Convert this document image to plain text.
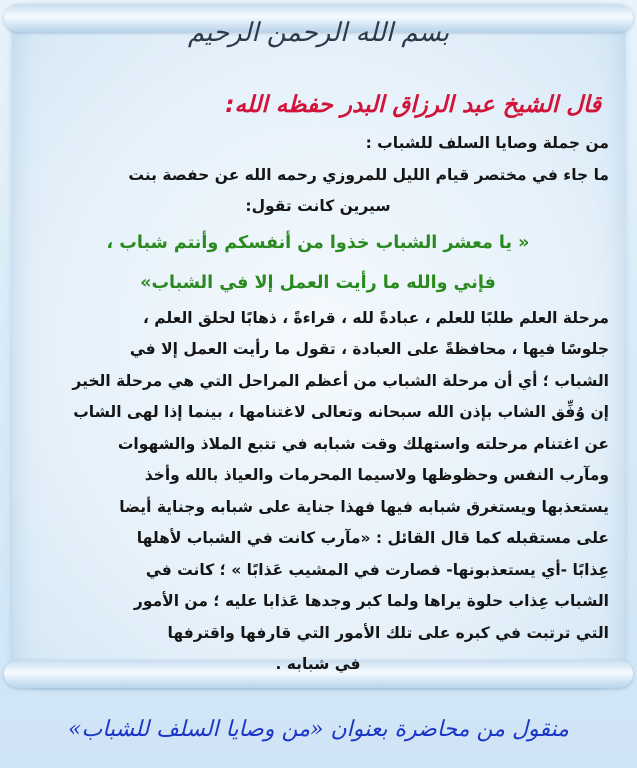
بسم الله الرحمن الرحيم
قال الشيخ عبد الرزاق البدر حفظه الله:
من جملة وصايا السلف للشباب :
ما جاء في مختصر قيام الليل للمروزي رحمه الله عن حفصة بنت
سيرين كانت تقول:
« يا معشر الشباب خذوا من أنفسكم وأنتم شباب ،
فإني والله ما رأيت العمل إلا في الشباب»
مرحلة العلم طلبًا للعلم ، عبادةً لله ، قراءةً ، ذهابًا لحلق العلم ،
جلوسًا فيها ، محافظةً على العبادة ، تقول ما رأيت العمل إلا في
الشباب ؛ أي أن مرحلة الشباب من أعظم المراحل التي هي مرحلة الخير
إن وُفِّق الشاب بإذن الله سبحانه وتعالى لاغتنامها ، بينما إذا لهى الشاب
عن اغتنام مرحلته واستهلك وقت شبابه في تتبع الملاذ والشهوات
ومآرب النفس وحظوظها ولاسيما المحرمات والعياذ بالله وأخذ
يستعذبها ويستغرق شبابه فيها فهذا جناية على شبابه وجناية أيضا
على مستقبله كما قال القائل : «مآرب كانت في الشباب لأهلها
عِذابًا -أي يستعذبونها- فصارت في المشيب عَذابًا » ؛ كانت في
الشباب عِذاب حلوة يراها ولما كبر وجدها عَذابا عليه ؛ من الأمور
التي ترتبت في كبره على تلك الأمور التي قارفها واقترفها
في شبابه .
منقول من محاضرة بعنوان «من وصايا السلف للشباب»
